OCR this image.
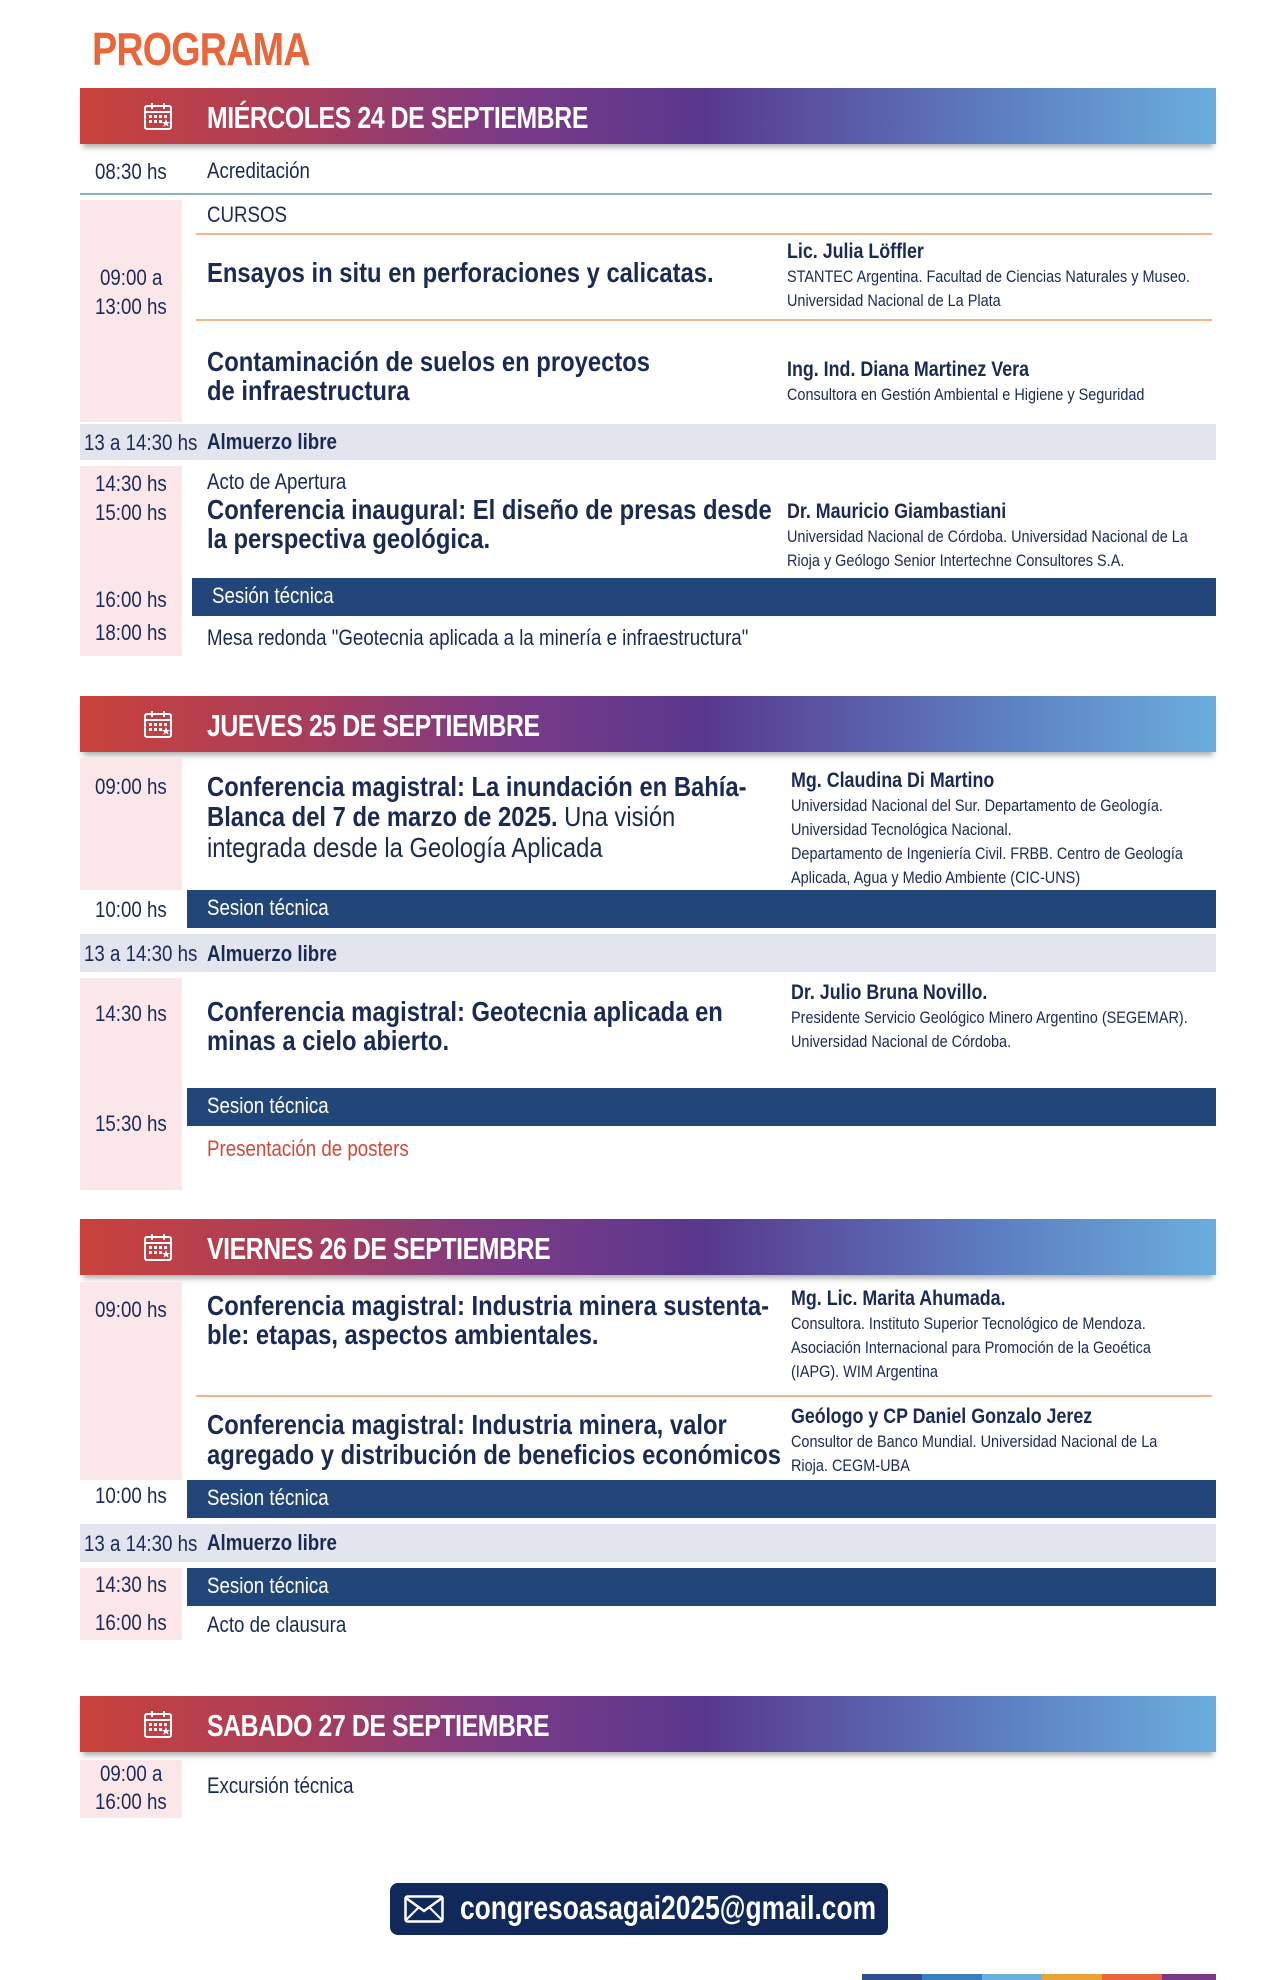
PROGRAMA
MIÉRCOLES 24 DE SEPTIEMBRE
08:30 hs Acreditación
CURSOS
09:00 a
13:00 hs
Ensayos in situ en perforaciones y calicatas.
Lic. Julia Löffler
STANTEC Argentina. Facultad de Ciencias Naturales y Museo.
Universidad Nacional de La Plata
Contaminación de suelos en proyectos
de infraestructura
Ing. Ind. Diana Martinez Vera
Consultora en Gestión Ambiental e Higiene y Seguridad
13 a 14:30 hs Almuerzo libre
14:30 hs
15:00 hs
Acto de Apertura
Conferencia inaugural: El diseño de presas desde
la perspectiva geológica.
Dr. Mauricio Giambastiani
Universidad Nacional de Córdoba. Universidad Nacional de La
Rioja y Geólogo Senior Intertechne Consultores S.A.
Sesión técnica
16:00 hs
18:00 hs Mesa redonda "Geotecnia aplicada a la minería e infraestructura"
JUEVES 25 DE SEPTIEMBRE
09:00 hs Conferencia magistral: La inundación en Bahía-
Blanca del 7 de marzo de 2025. Una visión
integrada desde la Geología Aplicada
Mg. Claudina Di Martino
Universidad Nacional del Sur. Departamento de Geología.
Universidad Tecnológica Nacional.
Departamento de Ingeniería Civil. FRBB. Centro de Geología
Aplicada, Agua y Medio Ambiente (CIC-UNS)
Sesion técnica
10:00 hs
13 a 14:30 hs Almuerzo libre
14:30 hs Conferencia magistral: Geotecnia aplicada en
minas a cielo abierto.
Dr. Julio Bruna Novillo.
Presidente Servicio Geológico Minero Argentino (SEGEMAR).
Universidad Nacional de Córdoba.
Sesion técnica
15:30 hs
Presentación de posters
VIERNES 26 DE SEPTIEMBRE
09:00 hs Conferencia magistral: Industria minera sustenta-
ble: etapas, aspectos ambientales.
Mg. Lic. Marita Ahumada.
Consultora. Instituto Superior Tecnológico de Mendoza.
Asociación Internacional para Promoción de la Geoética
(IAPG). WIM Argentina
Conferencia magistral: Industria minera, valor
agregado y distribución de beneficios económicos
Geólogo y CP Daniel Gonzalo Jerez
Consultor de Banco Mundial. Universidad Nacional de La
Rioja. CEGM-UBA
Sesion técnica
10:00 hs
13 a 14:30 hs Almuerzo libre
Sesion técnica
14:30 hs
16:00 hs Acto de clausura
SABADO 27 DE SEPTIEMBRE
09:00 a
16:00 hs
Excursión técnica
congresoasagai2025@gmail.com
